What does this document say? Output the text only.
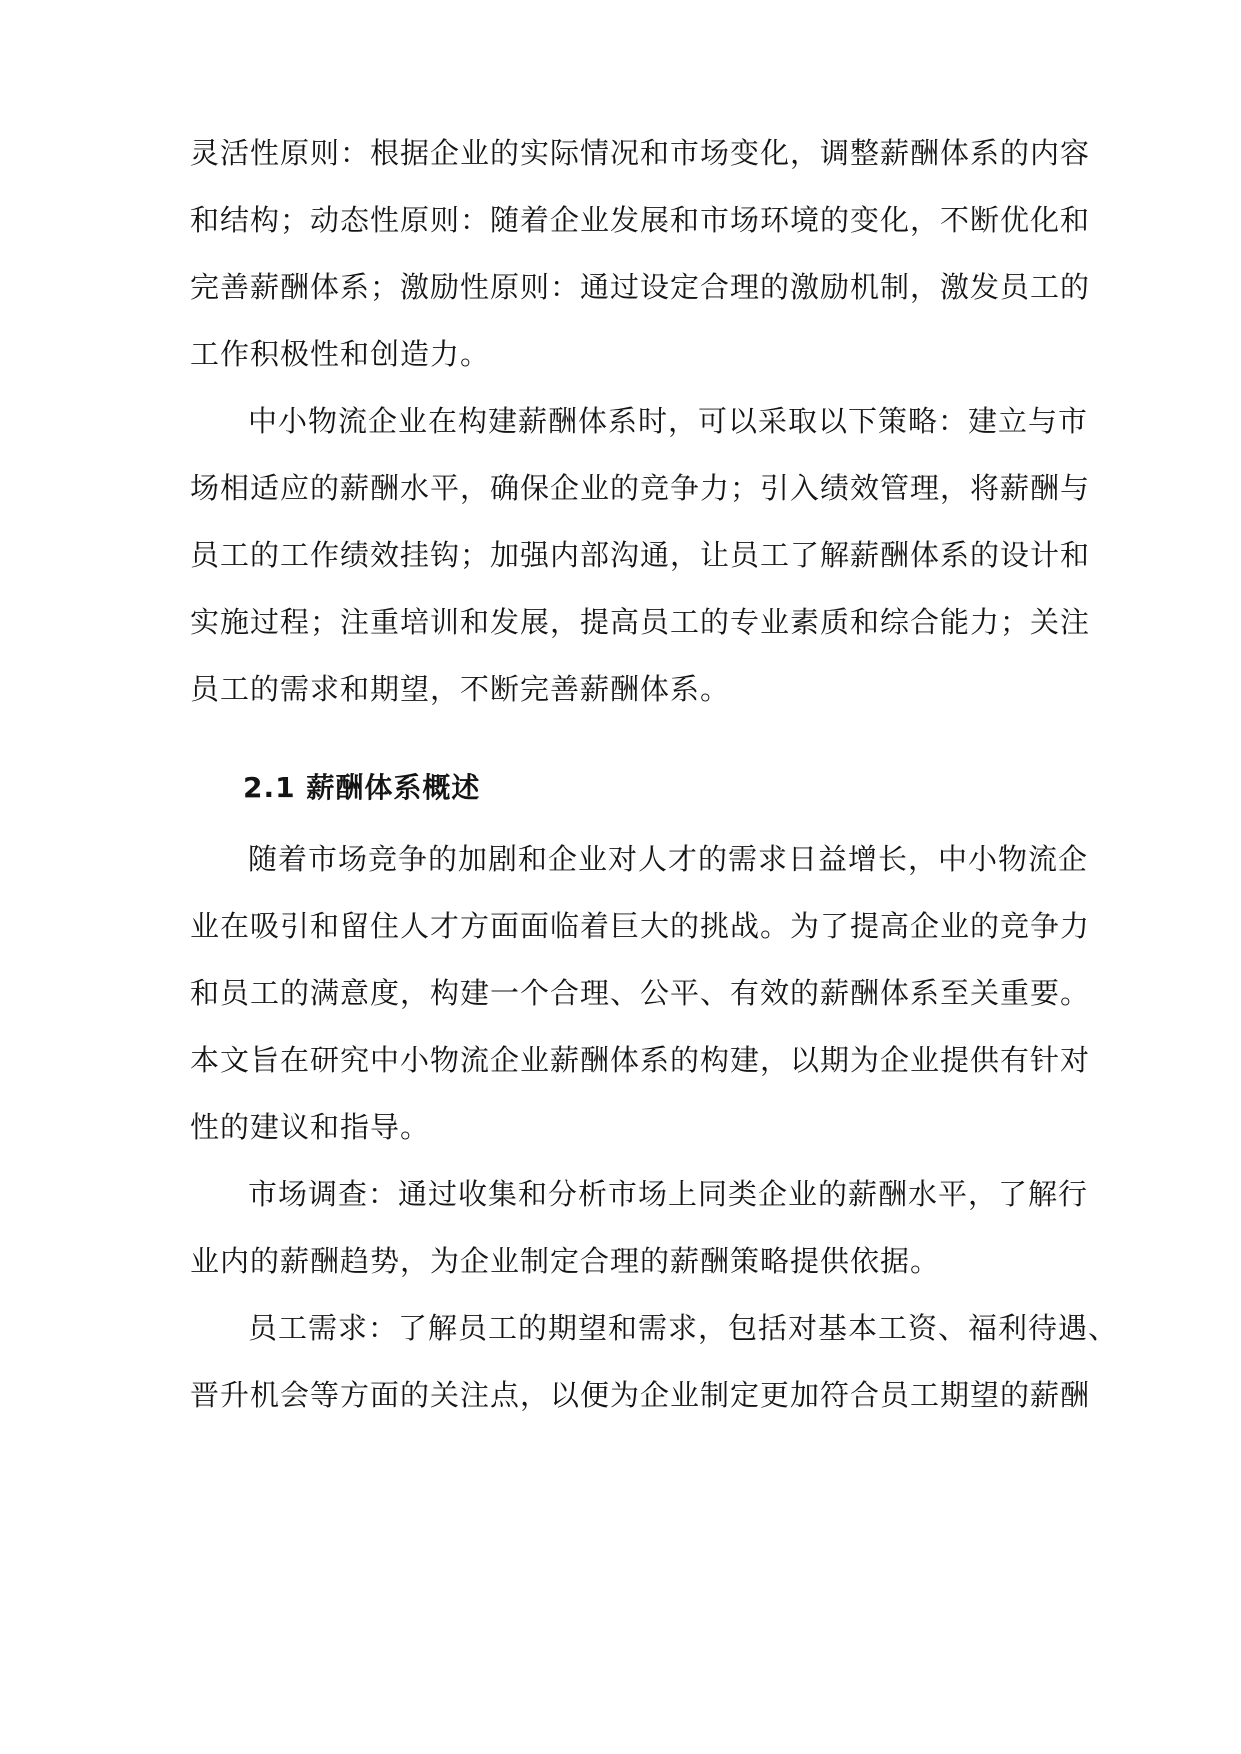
灵活性原则：根据企业的实际情况和市场变化，调整薪酬体系的内容
和结构；动态性原则：随着企业发展和市场环境的变化，不断优化和
完善薪酬体系；激励性原则：通过设定合理的激励机制，激发员工的
工作积极性和创造力。
中小物流企业在构建薪酬体系时，可以采取以下策略：建立与市
场相适应的薪酬水平，确保企业的竞争力；引入绩效管理，将薪酬与
员工的工作绩效挂钩；加强内部沟通，让员工了解薪酬体系的设计和
实施过程；注重培训和发展，提高员工的专业素质和综合能力；关注
员工的需求和期望，不断完善薪酬体系。
2.1 薪酬体系概述
随着市场竞争的加剧和企业对人才的需求日益增长，中小物流企
业在吸引和留住人才方面面临着巨大的挑战。为了提高企业的竞争力
和员工的满意度，构建一个合理、公平、有效的薪酬体系至关重要。
本文旨在研究中小物流企业薪酬体系的构建，以期为企业提供有针对
性的建议和指导。
市场调查：通过收集和分析市场上同类企业的薪酬水平，了解行
业内的薪酬趋势，为企业制定合理的薪酬策略提供依据。
员工需求：了解员工的期望和需求，包括对基本工资、福利待遇、
晋升机会等方面的关注点，以便为企业制定更加符合员工期望的薪酬
